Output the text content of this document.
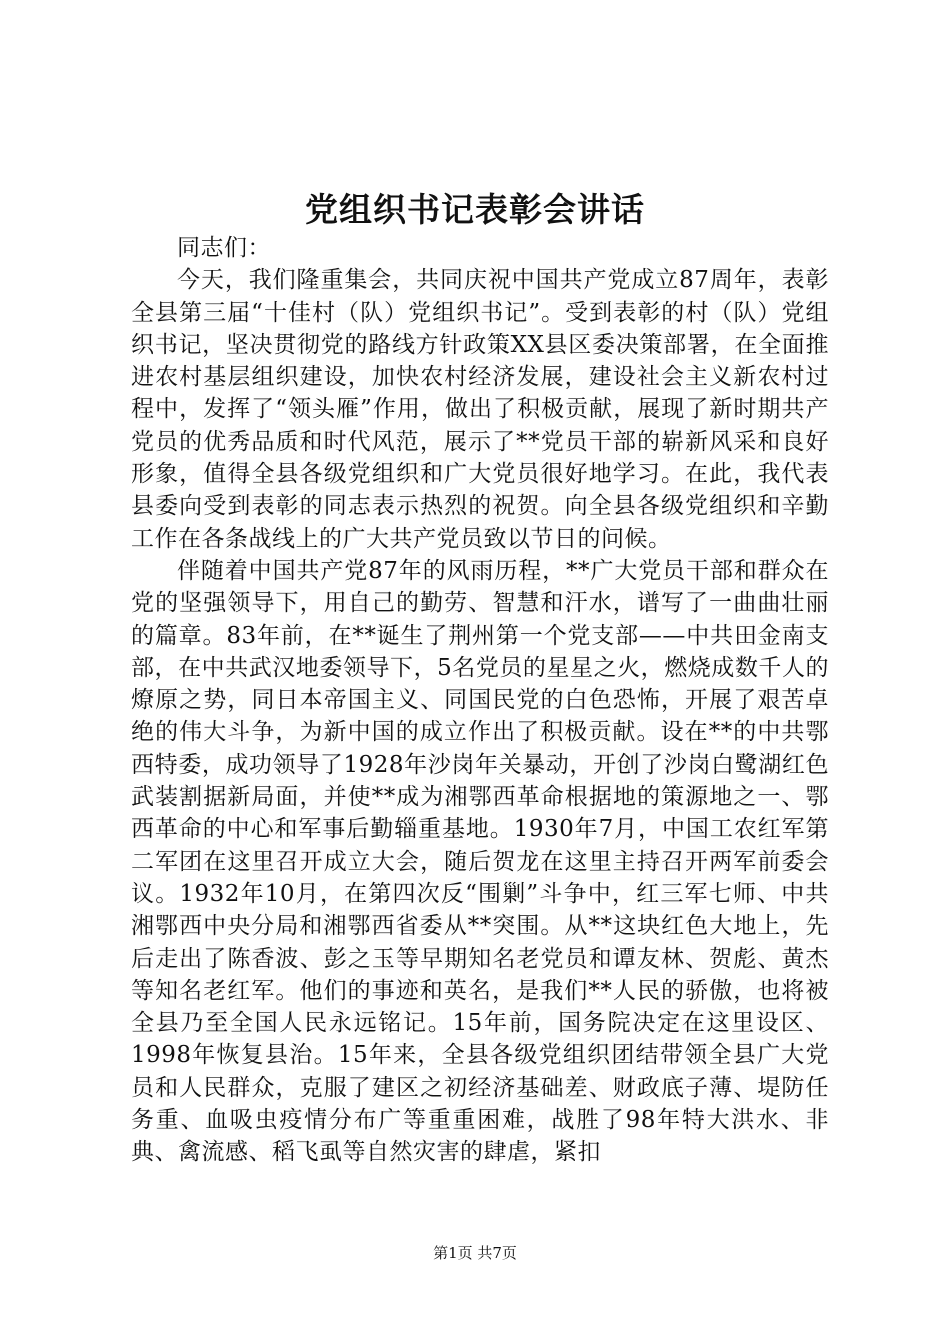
党组织书记表彰会讲话

同志们：

今天，我们隆重集会，共同庆祝中国共产党成立87周年，表彰全县第三届“十佳村（队）党组织书记”。受到表彰的村（队）党组织书记，坚决贯彻党的路线方针政策XX县区委决策部署，在全面推进农村基层组织建设，加快农村经济发展，建设社会主义新农村过程中，发挥了“领头雁”作用，做出了积极贡献，展现了新时期共产党员的优秀品质和时代风范，展示了**党员干部的崭新风采和良好形象，值得全县各级党组织和广大党员很好地学习。在此，我代表县委向受到表彰的同志表示热烈的祝贺。向全县各级党组织和辛勤工作在各条战线上的广大共产党员致以节日的问候。

伴随着中国共产党87年的风雨历程，**广大党员干部和群众在党的坚强领导下，用自己的勤劳、智慧和汗水，谱写了一曲曲壮丽的篇章。83年前，在**诞生了荆州第一个党支部——中共田金南支部，在中共武汉地委领导下，5名党员的星星之火，燃烧成数千人的燎原之势，同日本帝国主义、同国民党的白色恐怖，开展了艰苦卓绝的伟大斗争，为新中国的成立作出了积极贡献。设在**的中共鄂西特委，成功领导了1928年沙岗年关暴动，开创了沙岗白鹭湖红色武装割据新局面，并使**成为湘鄂西革命根据地的策源地之一、鄂西革命的中心和军事后勤辎重基地。1930年7月，中国工农红军第二军团在这里召开成立大会，随后贺龙在这里主持召开两军前委会议。1932年10月，在第四次反“围剿”斗争中，红三军七师、中共湘鄂西中央分局和湘鄂西省委从**突围。从**这块红色大地上，先后走出了陈香波、彭之玉等早期知名老党员和谭友林、贺彪、黄杰等知名老红军。他们的事迹和英名，是我们**人民的骄傲，也将被全县乃至全国人民永远铭记。15年前，国务院决定在这里设区、1998年恢复县治。15年来，全县各级党组织团结带领全县广大党员和人民群众，克服了建区之初经济基础差、财政底子薄、堤防任务重、血吸虫疫情分布广等重重困难，战胜了98年特大洪水、非典、禽流感、稻飞虱等自然灾害的肆虐，紧扣

第1页 共7页
